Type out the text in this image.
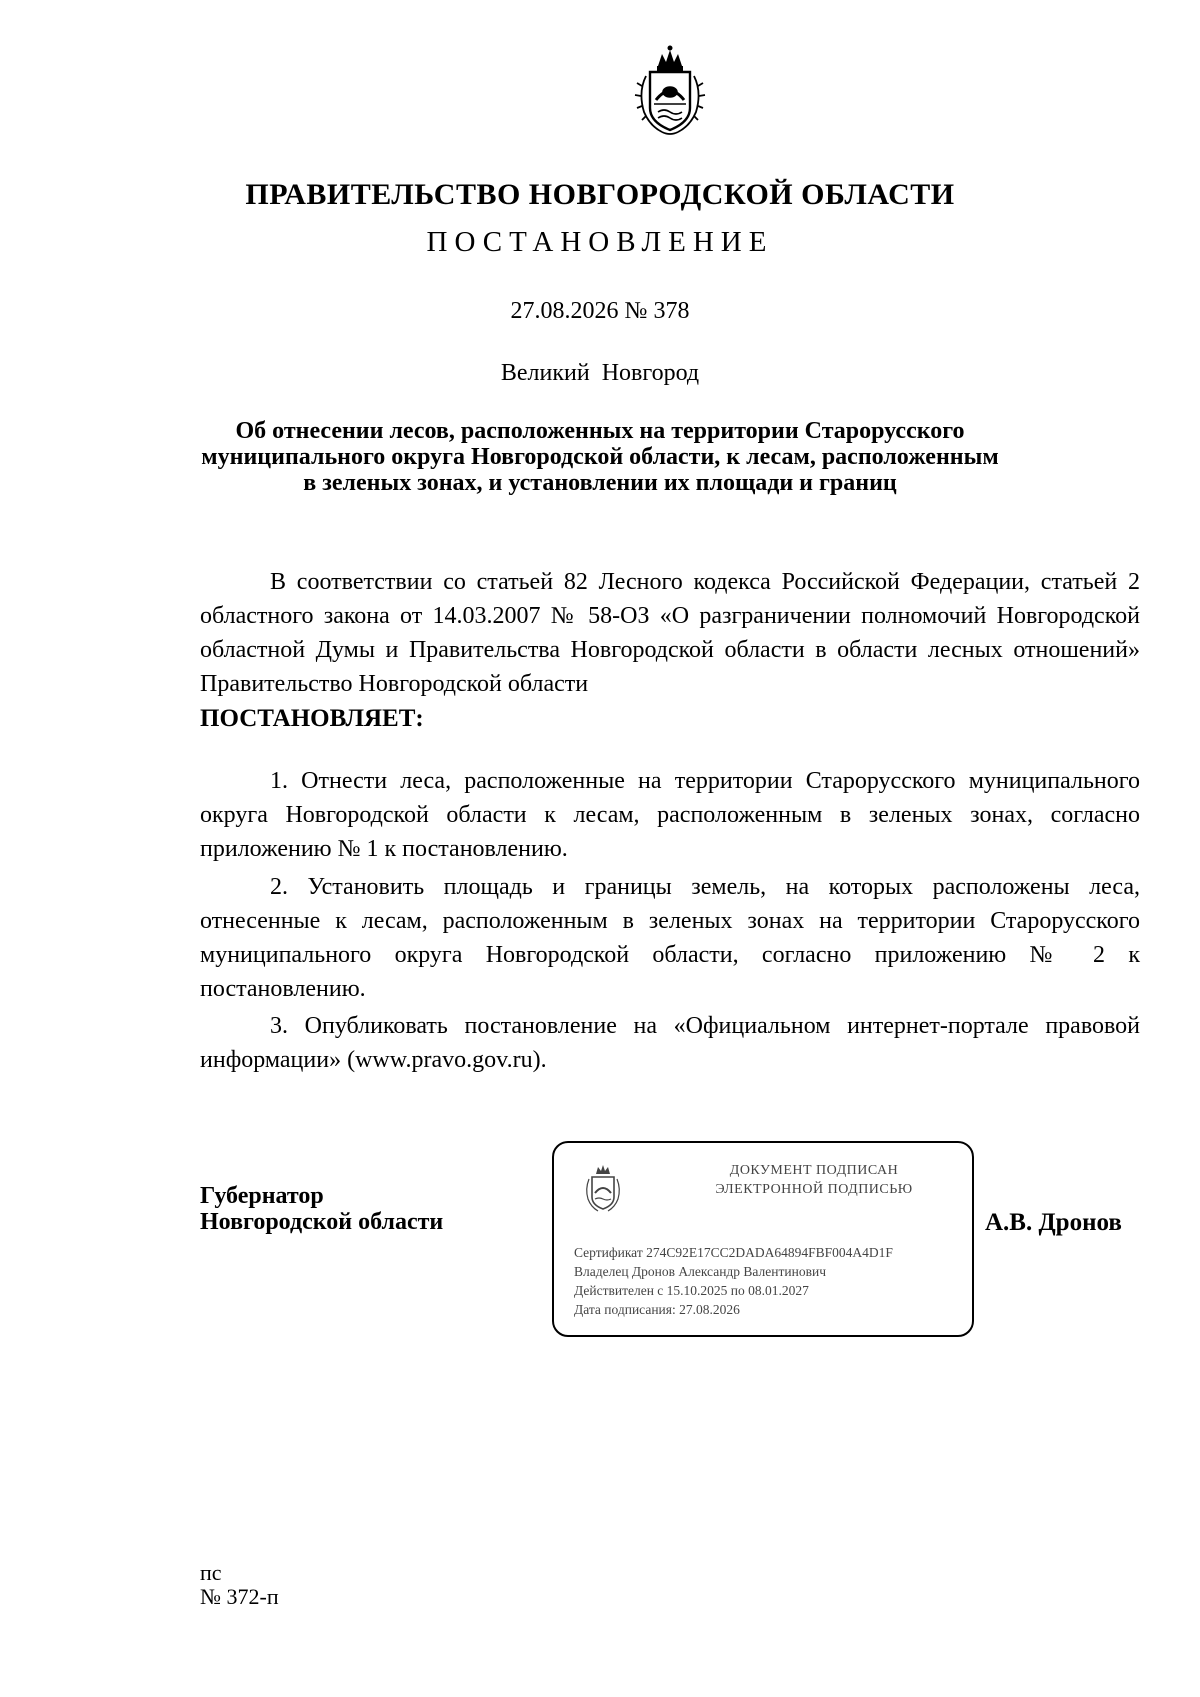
ПРАВИТЕЛЬСТВО НОВГОРОДСКОЙ ОБЛАСТИ
ПОСТАНОВЛЕНИЕ
27.08.2026 № 378
Великий Новгород
Об отнесении лесов, расположенных на территории Старорусского
муниципального округа Новгородской области, к лесам, расположенным
в зеленых зонах, и установлении их площади и границ

В соответствии со статьей 82 Лесного кодекса Российской Федерации, статьей 2 областного закона от 14.03.2007 № 58-ОЗ «О разграничении полномочий Новгородской областной Думы и Правительства Новгородской области в области лесных отношений» Правительство Новгородской области

ПОСТАНОВЛЯЕТ:

1. Отнести леса, расположенные на территории Старорусского муниципального округа Новгородской области к лесам, расположенным в зеленых зонах, согласно приложению № 1 к постановлению.

2. Установить площадь и границы земель, на которых расположены леса, отнесенные к лесам, расположенным в зеленых зонах на территории Старорусского муниципального округа Новгородской области, согласно приложению № 2 к постановлению.

3. Опубликовать постановление на «Официальном интернет-портале правовой информации» (www.pravo.gov.ru).

Губернатор
Новгородской области
ДОКУМЕНТ ПОДПИСАН
ЭЛЕКТРОННОЙ ПОДПИСЬЮ
Сертификат 274C92E17CC2DADA64894FBF004A4D1F
Владелец Дронов Александр Валентинович
Действителен с 15.10.2025 по 08.01.2027
Дата подписания: 27.08.2026
А.В. Дронов
пс
№ 372-п
